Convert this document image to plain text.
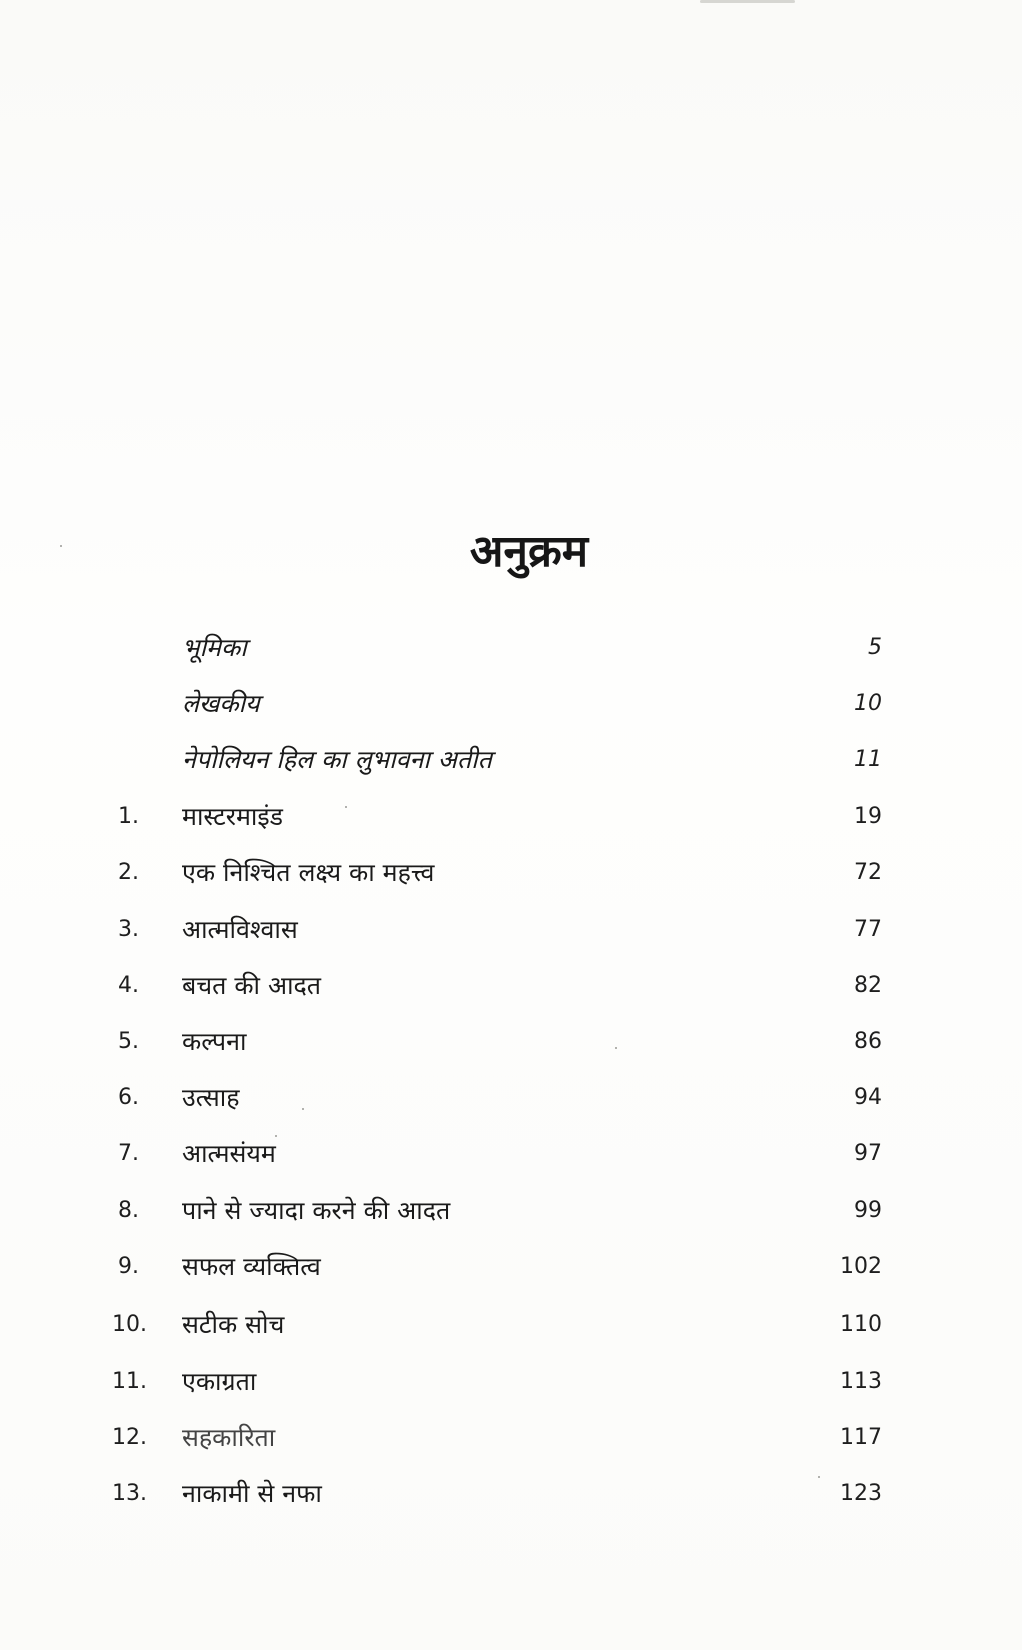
अनुक्रम
भूमिका	5
लेखकीय	10
नेपोलियन हिल का लुभावना अतीत	11
1.	मास्टरमाइंड	19
2.	एक निश्चित लक्ष्य का महत्त्व	72
3.	आत्मविश्वास	77
4.	बचत की आदत	82
5.	कल्पना	86
6.	उत्साह	94
7.	आत्मसंयम	97
8.	पाने से ज्यादा करने की आदत	99
9.	सफल व्यक्तित्व	102
10.	सटीक सोच	110
11.	एकाग्रता	113
12.	सहकारिता	117
13.	नाकामी से नफा	123
